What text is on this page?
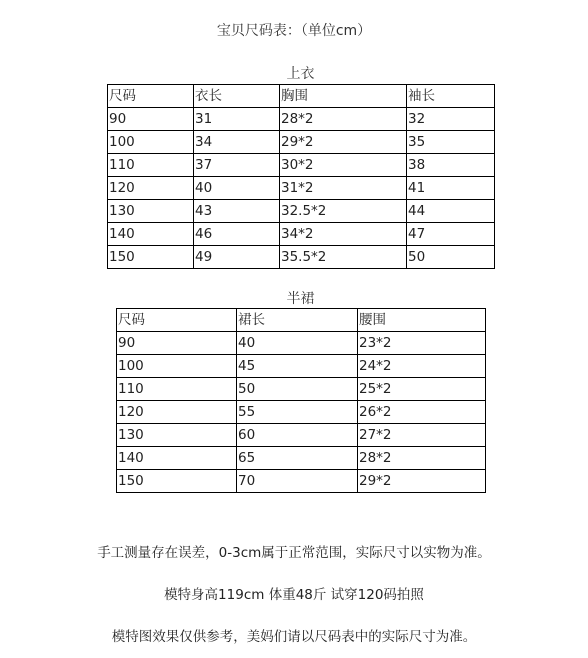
宝贝尺码表：（单位cm）
上衣
尺码	衣长	胸围	袖长
90	31	28*2	32
100	34	29*2	35
110	37	30*2	38
120	40	31*2	41
130	43	32.5*2	44
140	46	34*2	47
150	49	35.5*2	50
半裙
尺码	裙长	腰围
90	40	23*2
100	45	24*2
110	50	25*2
120	55	26*2
130	60	27*2
140	65	28*2
150	70	29*2
手工测量存在误差，0-3cm属于正常范围，实际尺寸以实物为准。
模特身高119cm 体重48斤 试穿120码拍照
模特图效果仅供参考，美妈们请以尺码表中的实际尺寸为准。
